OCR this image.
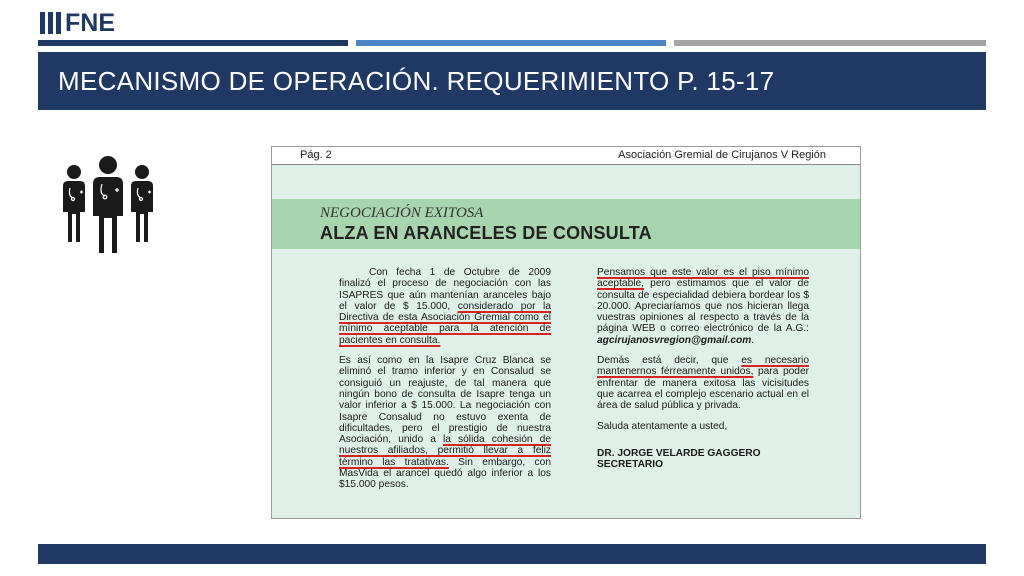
FNE
MECANISMO DE OPERACIÓN. REQUERIMIENTO P. 15-17
Pág. 2	Asociación Gremial de Cirujanos V Región
NEGOCIACIÓN EXITOSA
ALZA EN ARANCELES DE CONSULTA

Con fecha 1 de Octubre de 2009 finalizó el proceso de negociación con las ISAPRES que aún mantenían aranceles bajo el valor de $ 15.000, considerado por la Directiva de esta Asociación Gremial como el mínimo aceptable para la atención de pacientes en consulta.

Es así como en la Isapre Cruz Blanca se eliminó el tramo inferior y en Consalud se consiguió un reajuste, de tal manera que ningún bono de consulta de Isapre tenga un valor inferior a $ 15.000. La negociación con Isapre Consalud no estuvo exenta de dificultades, pero el prestigio de nuestra Asociación, unido a la sólida cohesión de nuestros afiliados, permitió llevar a feliz término las tratativas. Sin embargo, con MasVida el arancel quedó algo inferior a los $15.000 pesos.

Pensamos que este valor es el piso mínimo aceptable, pero estimamos que el valor de consulta de especialidad debiera bordear los $ 20.000. Apreciaríamos que nos hicieran llega vuestras opiniones al respecto a través de la página WEB o correo electrónico de la A.G.: agcirujanosvregion@gmail.com.

Demás está decir, que es necesario mantenernos férreamente unidos, para poder enfrentar de manera exitosa las vicisitudes que acarrea el complejo escenario actual en el área de salud pública y privada.

Saluda atentamente a usted,

DR. JORGE VELARDE GAGGERO
SECRETARIO
